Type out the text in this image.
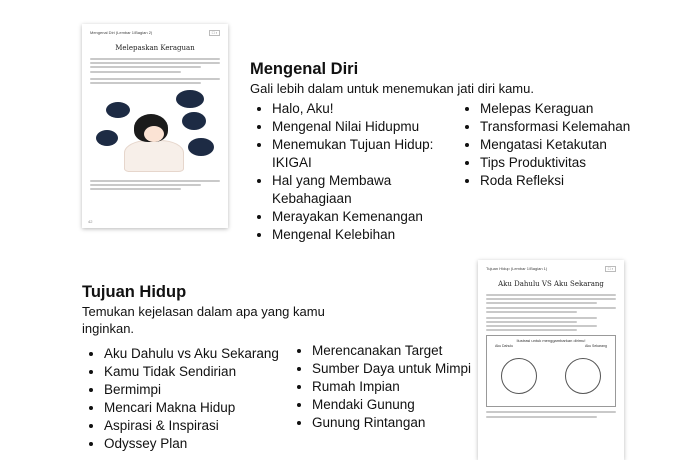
Mengenal Diri (Lembar 1/Bagian 2)	☐ ▪
Melepaskan Keraguan
42
Mengenal Diri

Gali lebih dalam untuk menemukan jati diri kamu.

• Halo, Aku!
• Mengenal Nilai Hidupmu
• Menemukan Tujuan Hidup: IKIGAI
• Hal yang Membawa Kebahagiaan
• Merayakan Kemenangan
• Mengenal Kelebihan
• Melepas Keraguan
• Transformasi Kelemahan
• Mengatasi Ketakutan
• Tips Produktivitas
• Roda Refleksi
Tujuan Hidup

Temukan kejelasan dalam apa yang kamu inginkan.

• Aku Dahulu vs Aku Sekarang
• Kamu Tidak Sendirian
• Bermimpi
• Mencari Makna Hidup
• Aspirasi & Inspirasi
• Odyssey Plan
• Merencanakan Target
• Sumber Daya untuk Mimpi
• Rumah Impian
• Mendaki Gunung
• Gunung Rintangan
Tujuan Hidup (Lembar 1/Bagian 1)	☐ ▪
Aku Dahulu VS Aku Sekarang
Ilustrasi untuk menggambarkan dirimu!
Aku Dahulu	Aku Sekarang
